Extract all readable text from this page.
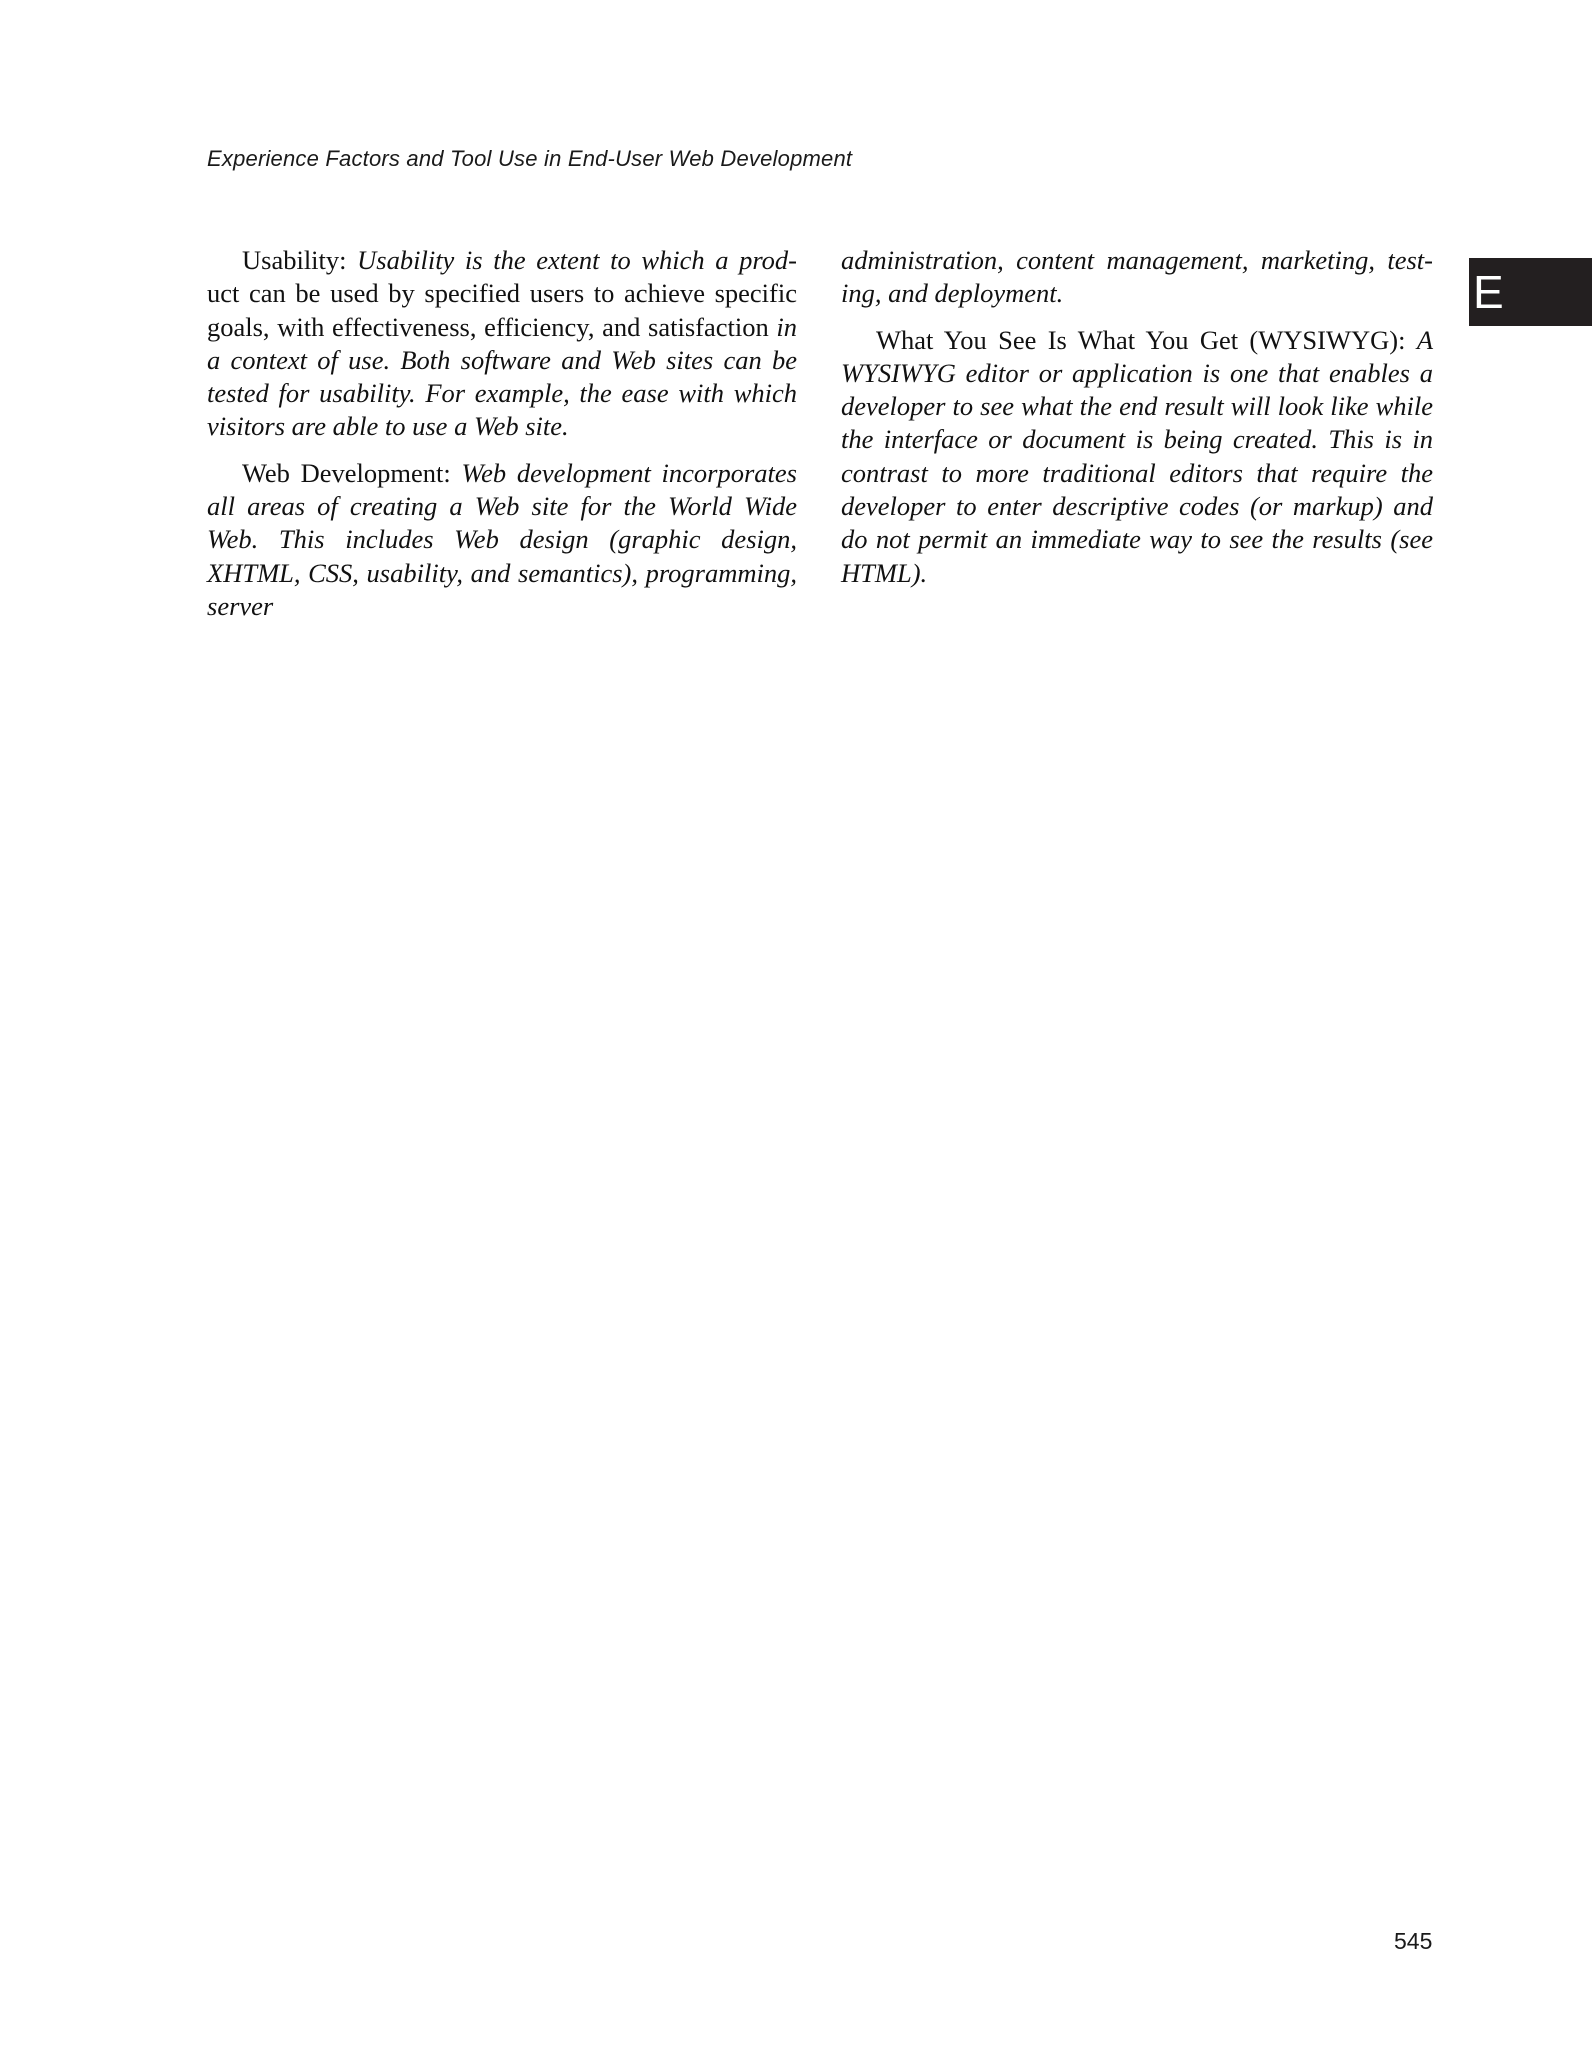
Experience Factors and Tool Use in End-User Web Development
E

Usability: Usability is the extent to which a prod-uct can be used by specified users to achieve specific goals, with effectiveness, efficiency, and satisfaction in a context of use. Both software and Web sites can be tested for usability. For example, the ease with which visitors are able to use a Web site.

Web Development: Web development incorporates all areas of creating a Web site for the World Wide Web. This includes Web design (graphic design, XHTML, CSS, usability, and semantics), programming, server

administration, content management, marketing, test-ing, and deployment.

What You See Is What You Get (WYSIWYG): A WYSIWYG editor or application is one that enables a developer to see what the end result will look like while the interface or document is being created. This is in contrast to more traditional editors that require the developer to enter descriptive codes (or markup) and do not permit an immediate way to see the results (see HTML).

545
